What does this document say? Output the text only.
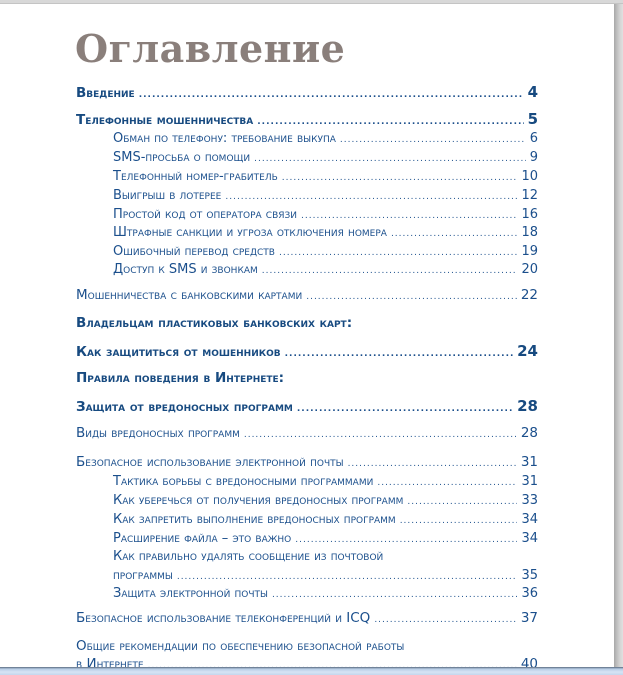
Оглавление
Введение .....	4
Телефонные мошенничества .....	5
Обман по телефону: требование выкупа .....	6
SMS-просьба о помощи .....	9
Телефонный номер-грабитель .....	10
Выигрыш в лотерее .....	12
Простой код от оператора связи .....	16
Штрафные санкции и угроза отключения номера .....	18
Ошибочный перевод средств .....	19
Доступ к SMS и звонкам .....	20
Мошенничества с банковскими картами .....	22
Владельцам пластиковых банковских карт:
Как защититься от мошенников .....	24
Правила поведения в Интернете:
Защита от вредоносных программ .....	28
Виды вредоносных программ .....	28
Безопасное использование электронной почты .....	31
Тактика борьбы с вредоносными программами .....	31
Как уберечься от получения вредоносных программ .....	33
Как запретить выполнение вредоносных программ .....	34
Расширение файла – это важно .....	34
Как правильно удалять сообщение из почтовой
программы .....	35
Защита электронной почты .....	36
Безопасное использование телеконференций и ICQ .....	37
Общие рекомендации по обеспечению безопасной работы
в Интернете .....	40
